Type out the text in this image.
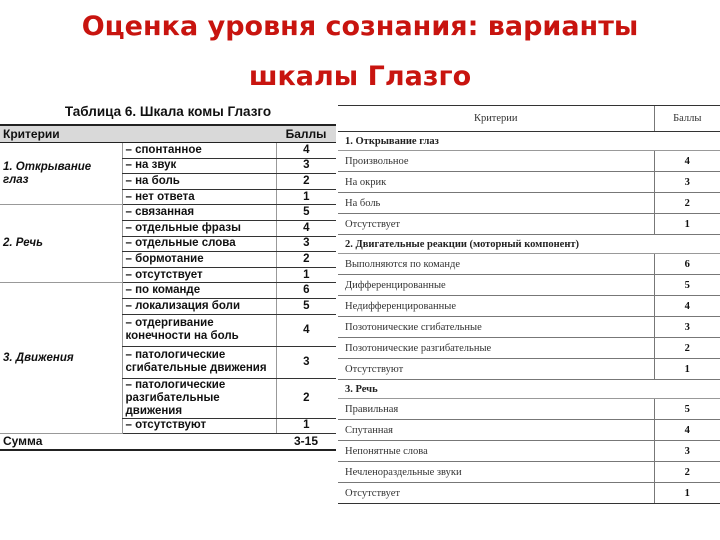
Оценка уровня сознания: варианты
шкалы Глазго
Таблица 6. Шкала комы Глазго
Критерии		Баллы
1. Открывание глаз	– спонтанное	4
	– на звук	3
	– на боль	2
	– нет ответа	1
2. Речь	– связанная	5
	– отдельные фразы	4
	– отдельные слова	3
	– бормотание	2
	– отсутствует	1
3. Движения	– по команде	6
	– локализация боли	5
	– отдергивание конечности на боль	4
	– патологические сгибательные движения	3
	– патологические разгибательные движения	2
	– отсутствуют	1
Сумма		3-15
Критерии	Баллы
1. Открывание глаз	
Произвольное	4
На окрик	3
На боль	2
Отсутствует	1
2. Двигательные реакции (моторный компонент)	
Выполняются по команде	6
Дифференцированные	5
Недифференцированные	4
Позотонические сгибательные	3
Позотонические разгибательные	2
Отсутствуют	1
3. Речь	
Правильная	5
Спутанная	4
Непонятные слова	3
Нечленораздельные звуки	2
Отсутствует	1
